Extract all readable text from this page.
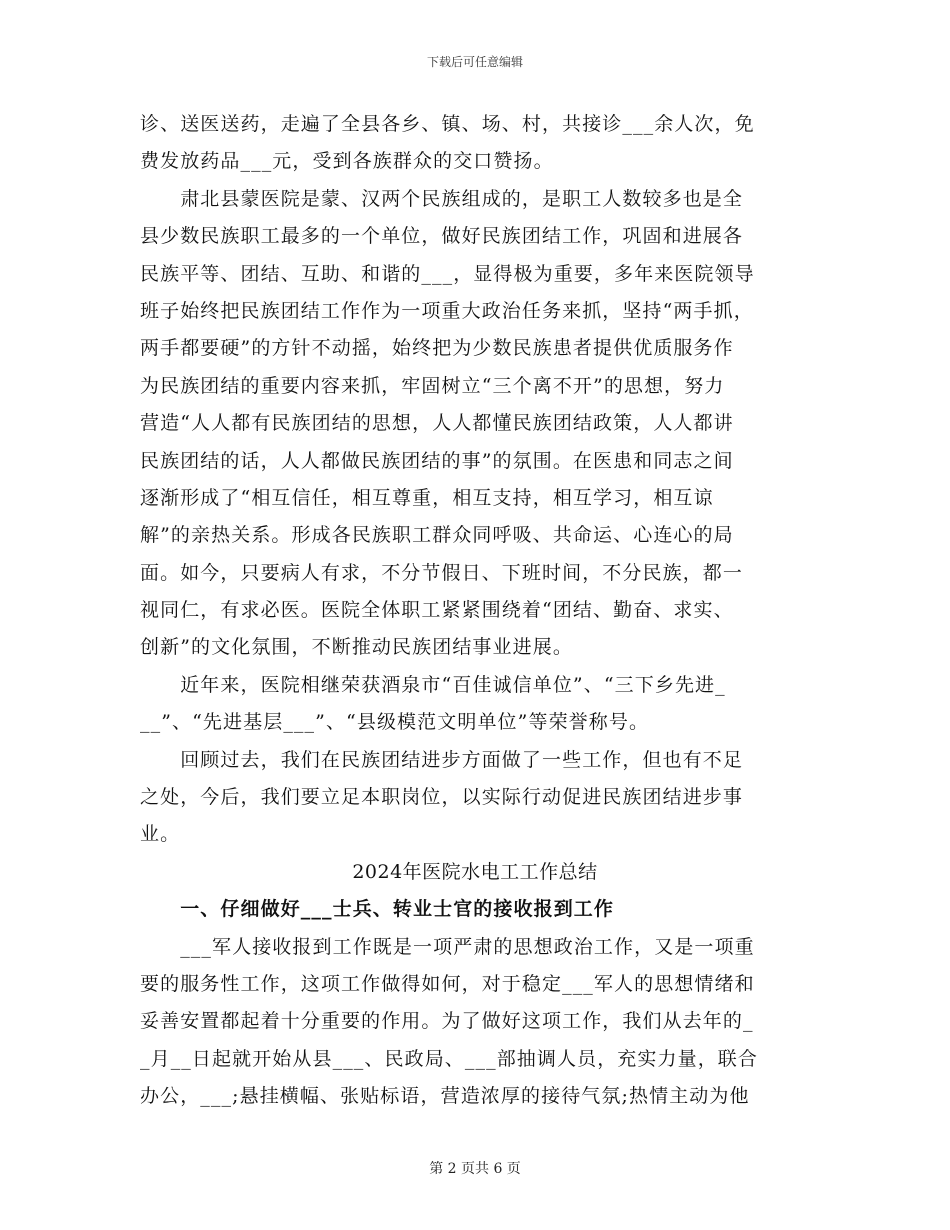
下载后可任意编辑
诊、送医送药，走遍了全县各乡、镇、场、村，共接诊___余人次，免
费发放药品___元，受到各族群众的交口赞扬。
　　肃北县蒙医院是蒙、汉两个民族组成的，是职工人数较多也是全
县少数民族职工最多的一个单位，做好民族团结工作，巩固和进展各
民族平等、团结、互助、和谐的___，显得极为重要，多年来医院领导
班子始终把民族团结工作作为一项重大政治任务来抓，坚持“两手抓，
两手都要硬”的方针不动摇，始终把为少数民族患者提供优质服务作
为民族团结的重要内容来抓，牢固树立“三个离不开”的思想，努力
营造“人人都有民族团结的思想，人人都懂民族团结政策，人人都讲
民族团结的话，人人都做民族团结的事”的氛围。在医患和同志之间
逐渐形成了“相互信任，相互尊重，相互支持，相互学习，相互谅
解”的亲热关系。形成各民族职工群众同呼吸、共命运、心连心的局
面。如今，只要病人有求，不分节假日、下班时间，不分民族，都一
视同仁，有求必医。医院全体职工紧紧围绕着“团结、勤奋、求实、
创新”的文化氛围，不断推动民族团结事业进展。
　　近年来，医院相继荣获酒泉市“百佳诚信单位”、“三下乡先进_
__”、“先进基层___”、“县级模范文明单位”等荣誉称号。
　　回顾过去，我们在民族团结进步方面做了一些工作，但也有不足
之处，今后，我们要立足本职岗位，以实际行动促进民族团结进步事
业。
2024年医院水电工工作总结
　　一、仔细做好___士兵、转业士官的接收报到工作
　　___军人接收报到工作既是一项严肃的思想政治工作，又是一项重
要的服务性工作，这项工作做得如何，对于稳定___军人的思想情绪和
妥善安置都起着十分重要的作用。为了做好这项工作，我们从去年的_
_月__日起就开始从县___、民政局、___部抽调人员，充实力量，联合
办公，___;悬挂横幅、张贴标语，营造浓厚的接待气氛;热情主动为他
第 2 页共 6 页
